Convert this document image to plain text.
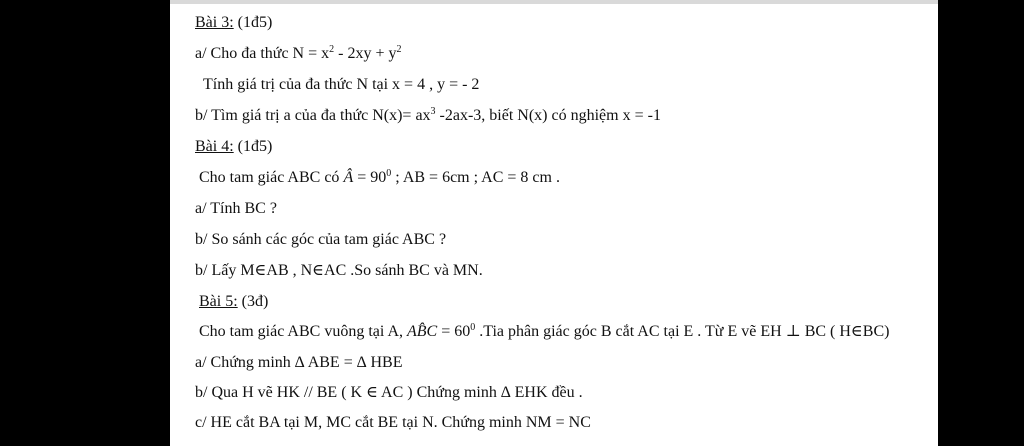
Bài 3: (1đ5)
a/ Cho đa thức $N = x^2 - 2xy + y^2$
Tính giá trị của đa thức N tại x = 4 , y = - 2
b/ Tìm giá trị a của đa thức $N(x)= ax^3$ -2ax-3, biết N(x) có nghiệm x = -1
Bài 4: (1đ5)
Cho tam giác ABC có Â = $90^0$ ; AB = 6cm ; AC = 8 cm .
a/ Tính BC ?
b/ So sánh các góc của tam giác ABC ?
b/ Lấy M∈AB , N∈AC .So sánh BC và MN.
Bài 5: (3đ)
Cho tam giác ABC vuông tại A, AB̂C = $60^0$ .Tia phân giác góc B cắt AC tại E . Từ E vẽ EH ⊥ BC ( H∈BC)
a/ Chứng minh ∆ ABE = ∆ HBE
b/ Qua H vẽ HK // BE ( K ∈ AC ) Chứng minh ∆ EHK đều .
c/ HE cắt BA tại M, MC cắt BE tại N. Chứng minh NM = NC
